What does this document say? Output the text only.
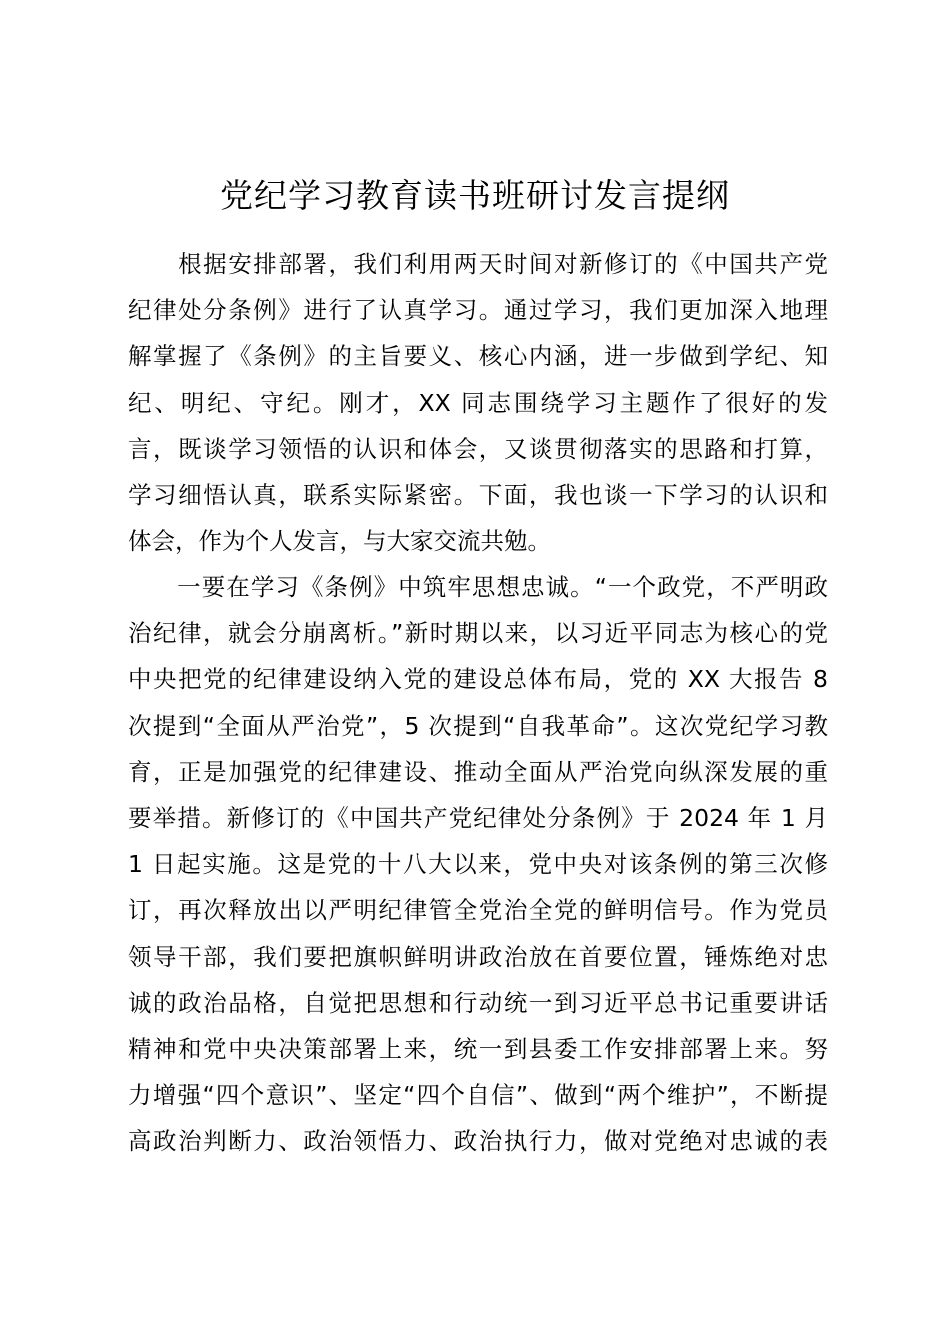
党纪学习教育读书班研讨发言提纲
　　根据安排部署，我们利用两天时间对新修订的《中国共产党
纪律处分条例》进行了认真学习。通过学习，我们更加深入地理
解掌握了《条例》的主旨要义、核心内涵，进一步做到学纪、知
纪、明纪、守纪。刚才，XX 同志围绕学习主题作了很好的发
言，既谈学习领悟的认识和体会，又谈贯彻落实的思路和打算，
学习细悟认真，联系实际紧密。下面，我也谈一下学习的认识和
体会，作为个人发言，与大家交流共勉。
　　一要在学习《条例》中筑牢思想忠诚。“一个政党，不严明政
治纪律，就会分崩离析。”新时期以来，以习近平同志为核心的党
中央把党的纪律建设纳入党的建设总体布局，党的 XX 大报告 8
次提到“全面从严治党”，5 次提到“自我革命”。这次党纪学习教
育，正是加强党的纪律建设、推动全面从严治党向纵深发展的重
要举措。新修订的《中国共产党纪律处分条例》于 2024 年 1 月
1 日起实施。这是党的十八大以来，党中央对该条例的第三次修
订，再次释放出以严明纪律管全党治全党的鲜明信号。作为党员
领导干部，我们要把旗帜鲜明讲政治放在首要位置，锤炼绝对忠
诚的政治品格，自觉把思想和行动统一到习近平总书记重要讲话
精神和党中央决策部署上来，统一到县委工作安排部署上来。努
力增强“四个意识”、坚定“四个自信”、做到“两个维护”，不断提
高政治判断力、政治领悟力、政治执行力，做对党绝对忠诚的表
